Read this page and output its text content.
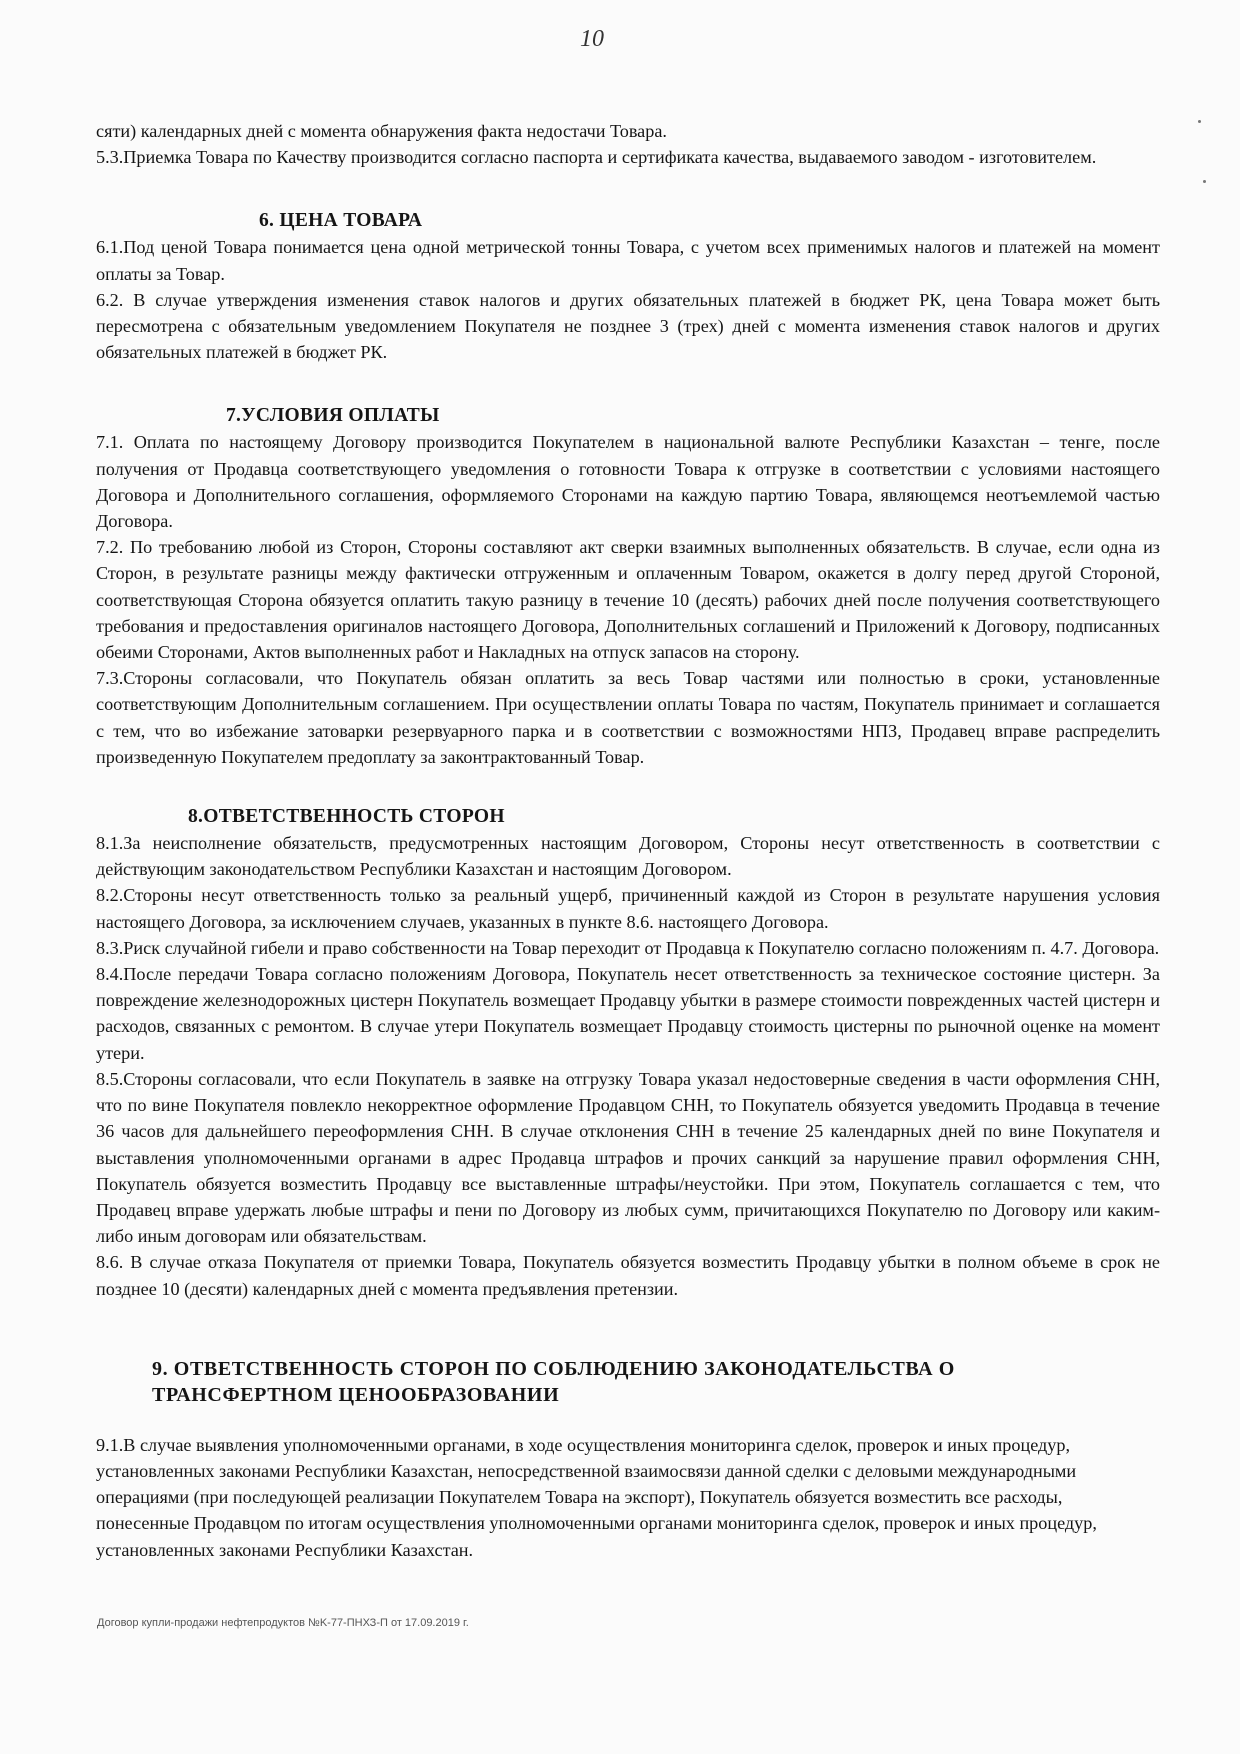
10

сяти) календарных дней с момента обнаружения факта недостачи Товара.

5.3.Приемка Товара по Качеству производится согласно паспорта и сертификата качества, выдаваемого заводом - изготовителем.

6. ЦЕНА ТОВАРА

6.1.Под ценой Товара понимается цена одной метрической тонны Товара, с учетом всех применимых налогов и платежей на момент оплаты за Товар.

6.2. В случае утверждения изменения ставок налогов и других обязательных платежей в бюджет РК, цена Товара может быть пересмотрена с обязательным уведомлением Покупателя не позднее 3 (трех) дней с момента изменения ставок налогов и других обязательных платежей в бюджет РК.

7.УСЛОВИЯ ОПЛАТЫ

7.1. Оплата по настоящему Договору производится Покупателем в национальной валюте Республики Казахстан – тенге, после получения от Продавца соответствующего уведомления о готовности Товара к отгрузке в соответствии с условиями настоящего Договора и Дополнительного соглашения, оформляемого Сторонами на каждую партию Товара, являющемся неотъемлемой частью Договора.

7.2. По требованию любой из Сторон, Стороны составляют акт сверки взаимных выполненных обязательств. В случае, если одна из Сторон, в результате разницы между фактически отгруженным и оплаченным Товаром, окажется в долгу перед другой Стороной, соответствующая Сторона обязуется оплатить такую разницу в течение 10 (десять) рабочих дней после получения соответствующего требования и предоставления оригиналов настоящего Договора, Дополнительных соглашений и Приложений к Договору, подписанных обеими Сторонами, Актов выполненных работ и Накладных на отпуск запасов на сторону.

7.3.Стороны согласовали, что Покупатель обязан оплатить за весь Товар частями или полностью в сроки, установленные соответствующим Дополнительным соглашением. При осуществлении оплаты Товара по частям, Покупатель принимает и соглашается с тем, что во избежание затоварки резервуарного парка и в соответствии с возможностями НПЗ, Продавец вправе распределить произведенную Покупателем предоплату за законтрактованный Товар.

8.ОТВЕТСТВЕННОСТЬ СТОРОН

8.1.За неисполнение обязательств, предусмотренных настоящим Договором, Стороны несут ответственность в соответствии с действующим законодательством Республики Казахстан и настоящим Договором.

8.2.Стороны несут ответственность только за реальный ущерб, причиненный каждой из Сторон в результате нарушения условия настоящего Договора, за исключением случаев, указанных в пункте 8.6. настоящего Договора.

8.3.Риск случайной гибели и право собственности на Товар переходит от Продавца к Покупателю согласно положениям п. 4.7. Договора.

8.4.После передачи Товара согласно положениям Договора, Покупатель несет ответственность за техническое состояние цистерн. За повреждение железнодорожных цистерн Покупатель возмещает Продавцу убытки в размере стоимости поврежденных частей цистерн и расходов, связанных с ремонтом. В случае утери Покупатель возмещает Продавцу стоимость цистерны по рыночной оценке на момент утери.

8.5.Стороны согласовали, что если Покупатель в заявке на отгрузку Товара указал недостоверные сведения в части оформления СНН, что по вине Покупателя повлекло некорректное оформление Продавцом СНН, то Покупатель обязуется уведомить Продавца в течение 36 часов для дальнейшего переоформления СНН. В случае отклонения СНН в течение 25 календарных дней по вине Покупателя и выставления уполномоченными органами в адрес Продавца штрафов и прочих санкций за нарушение правил оформления СНН, Покупатель обязуется возместить Продавцу все выставленные штрафы/неустойки. При этом, Покупатель соглашается с тем, что Продавец вправе удержать любые штрафы и пени по Договору из любых сумм, причитающихся Покупателю по Договору или каким-либо иным договорам или обязательствам.

8.6. В случае отказа Покупателя от приемки Товара, Покупатель обязуется возместить Продавцу убытки в полном объеме в срок не позднее 10 (десяти) календарных дней с момента предъявления претензии.

9. ОТВЕТСТВЕННОСТЬ СТОРОН ПО СОБЛЮДЕНИЮ ЗАКОНОДАТЕЛЬСТВА О ТРАНСФЕРТНОМ ЦЕНООБРАЗОВАНИИ

9.1.В случае выявления уполномоченными органами, в ходе осуществления мониторинга сделок, проверок и иных процедур, установленных законами Республики Казахстан, непосредственной взаимосвязи данной сделки с деловыми международными операциями (при последующей реализации Покупателем Товара на экспорт), Покупатель обязуется возместить все расходы, понесенные Продавцом по итогам осуществления уполномоченными органами мониторинга сделок, проверок и иных процедур, установленных законами Республики Казахстан.

Договор купли-продажи нефтепродуктов №K-77-ПНХЗ-П от 17.09.2019 г.
